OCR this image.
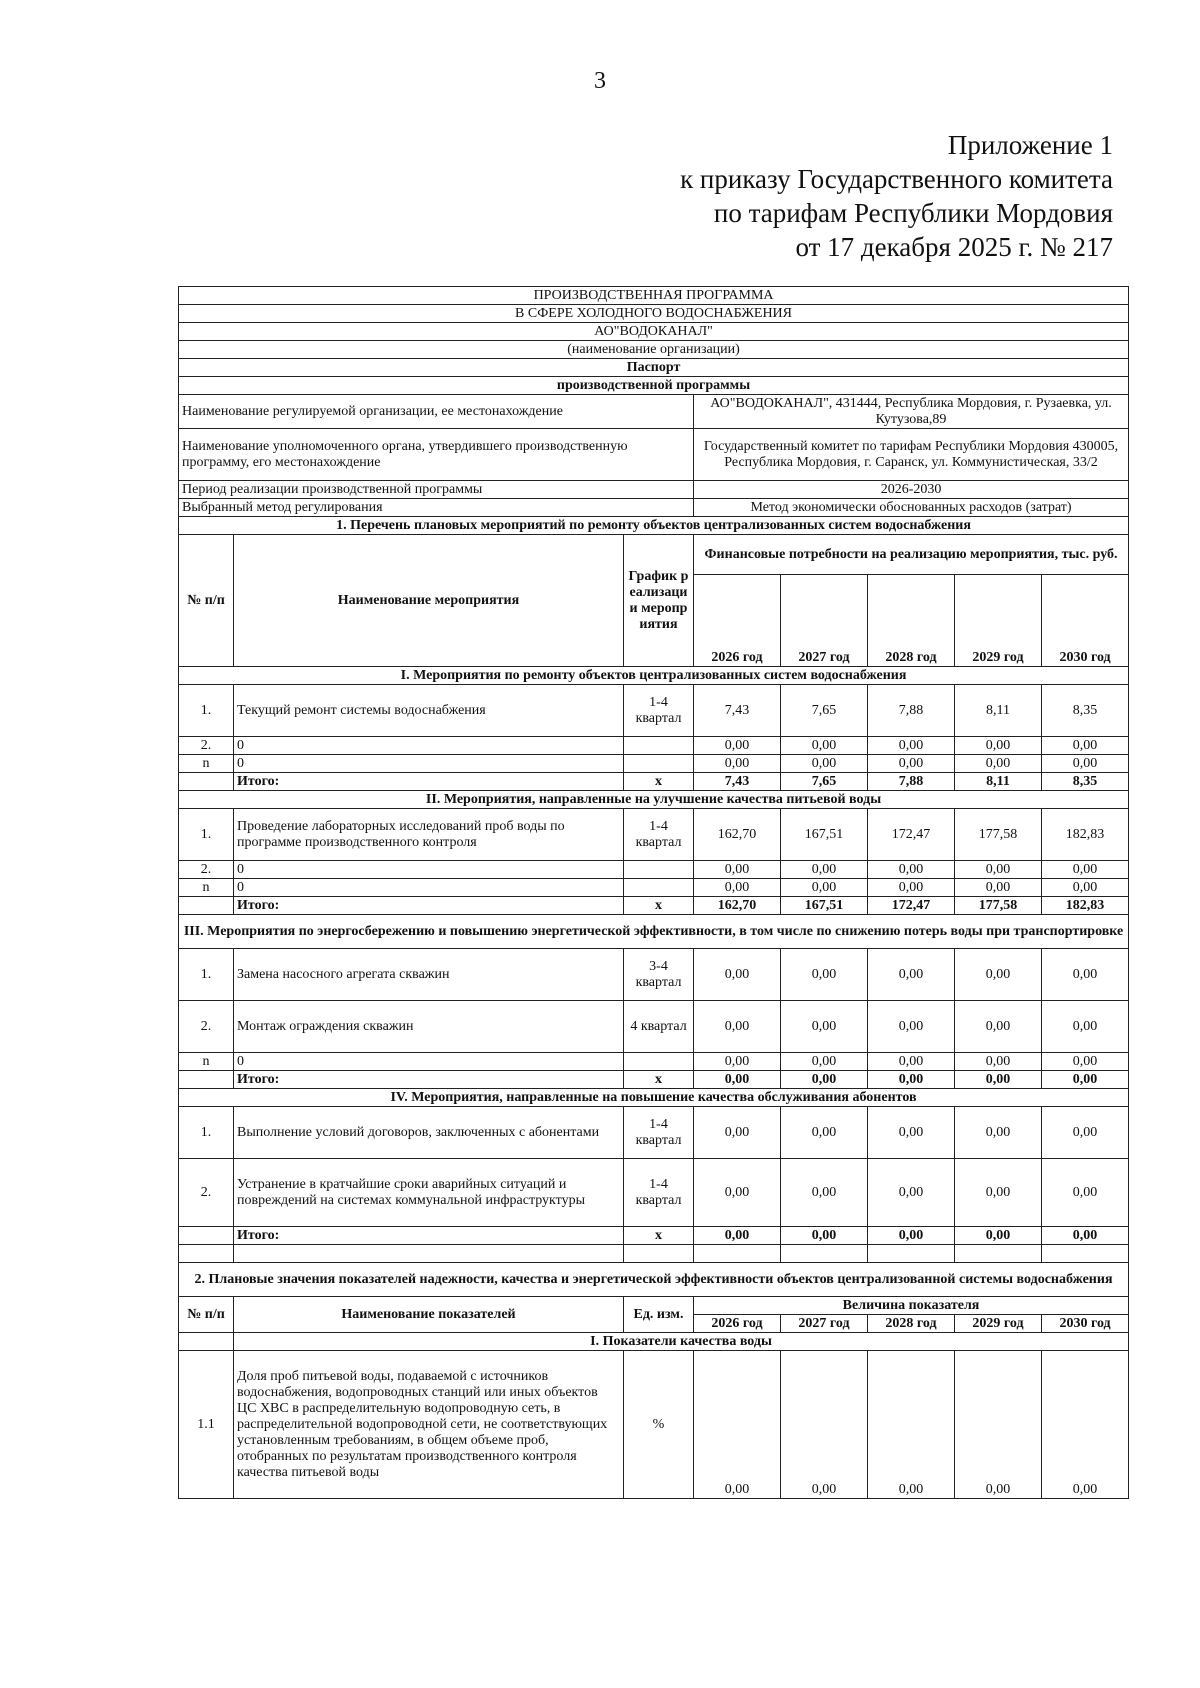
3
Приложение 1
к приказу Государственного комитета
по тарифам Республики Мордовия
от 17 декабря 2025 г. № 217
ПРОИЗВОДСТВЕННАЯ ПРОГРАММА							
В СФЕРЕ ХОЛОДНОГО ВОДОСНАБЖЕНИЯ							
АО"ВОДОКАНАЛ"							
(наименование организации)							
Паспорт							
производственной программы							
Наименование регулируемой организации, ее местонахождение			АО"ВОДОКАНАЛ", 431444, Республика Мордовия, г. Рузаевка, ул. Кутузова,89				
Наименование уполномоченного органа, утвердившего производственную программу, его местонахождение			Государственный комитет по тарифам Республики Мордовия 430005, Республика Мордовия, г. Саранск, ул. Коммунистическая, 33/2				
Период реализации производственной программы			2026-2030				
Выбранный метод регулирования			Метод экономически обоснованных расходов (затрат)				
1. Перечень плановых мероприятий по ремонту объектов централизованных систем водоснабжения							
№ п/п	Наименование мероприятия	График реализации мероприятия	Финансовые потребности на реализацию мероприятия, тыс. руб.				
			2026 год	2027 год	2028 год	2029 год	2030 год
I. Мероприятия по ремонту объектов централизованных систем водоснабжения							
1.	Текущий ремонт системы водоснабжения	1-4 квартал	7,43	7,65	7,88	8,11	8,35
2.	0		0,00	0,00	0,00	0,00	0,00
n	0		0,00	0,00	0,00	0,00	0,00
	Итого:	х	7,43	7,65	7,88	8,11	8,35
II. Мероприятия, направленные на улучшение качества питьевой воды							
1.	Проведение лабораторных исследований проб воды по программе производственного контроля	1-4 квартал	162,70	167,51	172,47	177,58	182,83
2.	0		0,00	0,00	0,00	0,00	0,00
n	0		0,00	0,00	0,00	0,00	0,00
	Итого:	х	162,70	167,51	172,47	177,58	182,83
III. Мероприятия по энергосбережению и повышению энергетической эффективности, в том числе по снижению потерь воды при транспортировке							
1.	Замена насосного агрегата скважин	3-4 квартал	0,00	0,00	0,00	0,00	0,00
2.	Монтаж ограждения скважин	4 квартал	0,00	0,00	0,00	0,00	0,00
n	0		0,00	0,00	0,00	0,00	0,00
	Итого:	х	0,00	0,00	0,00	0,00	0,00
IV. Мероприятия, направленные на повышение качества обслуживания абонентов							
1.	Выполнение условий договоров, заключенных с абонентами	1-4 квартал	0,00	0,00	0,00	0,00	0,00
2.	Устранение в кратчайшие сроки аварийных ситуаций и повреждений на системах коммунальной инфраструктуры	1-4 квартал	0,00	0,00	0,00	0,00	0,00
	Итого:	х	0,00	0,00	0,00	0,00	0,00

2. Плановые значения показателей надежности, качества и энергетической эффективности объектов централизованной системы водоснабжения							
№ п/п	Наименование показателей	Ед. изм.	Величина показателя				
			2026 год	2027 год	2028 год	2029 год	2030 год
	I. Показатели качества воды						
1.1	Доля проб питьевой воды, подаваемой с источников водоснабжения, водопроводных станций или иных объектов ЦС ХВС в распределительную водопроводную сеть, в распределительной водопроводной сети, не соответствующих установленным требованиям, в общем объеме проб, отобранных по результатам производственного контроля качества питьевой воды	%	0,00	0,00	0,00	0,00	0,00
